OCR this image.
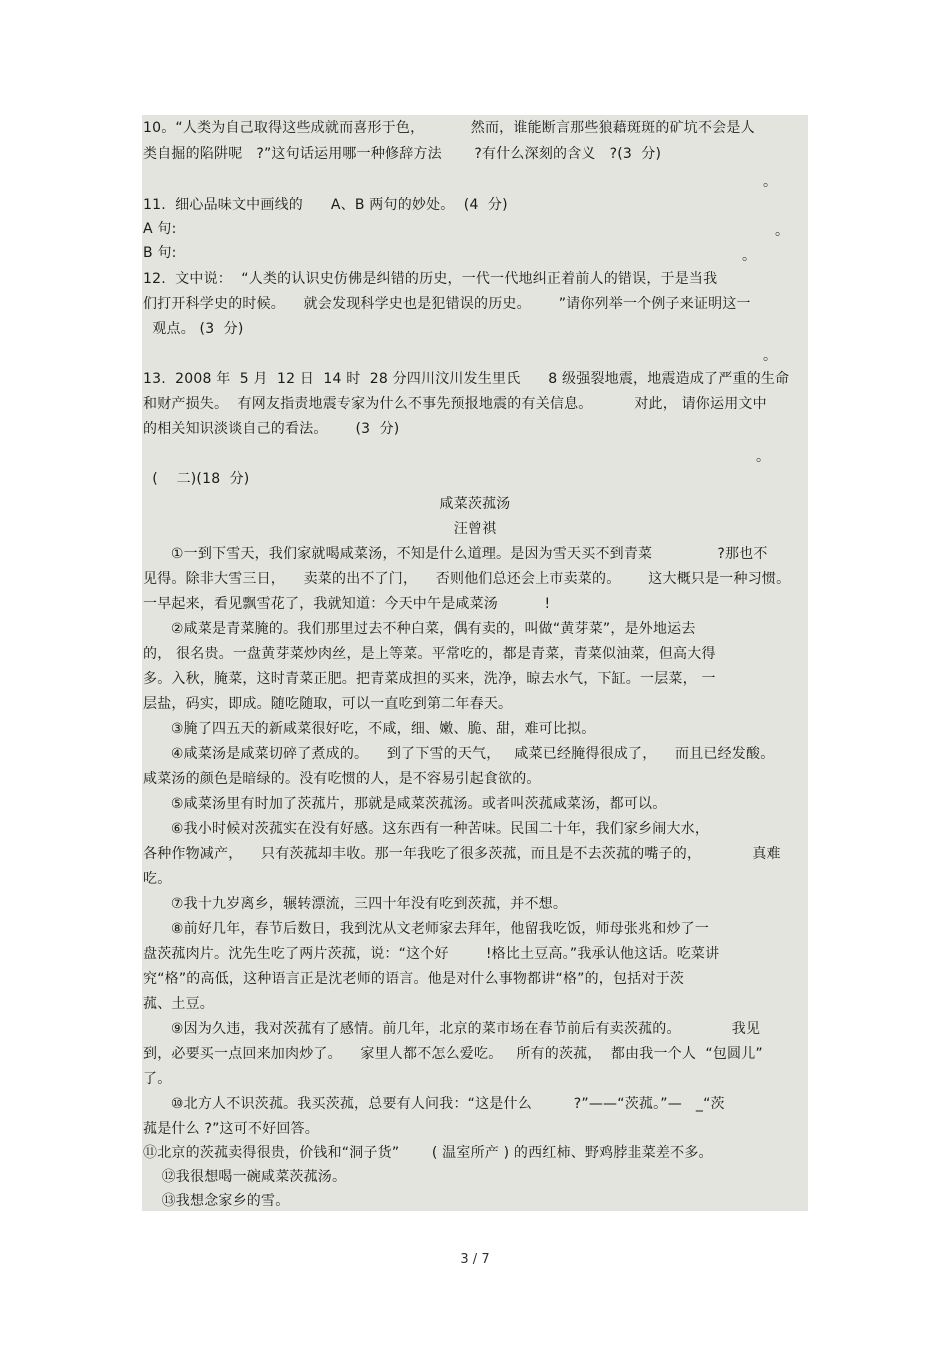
10。“人类为自己取得这些成就而喜形于色，          然而，谁能断言那些狼藉斑斑的矿坑不会是人
类自掘的陷阱呢   ?”这句话运用哪一种修辞方法       ?有什么深刻的含义   ?(3  分)
。
11.  细心品味文中画线的      A、B 两句的妙处。  (4  分)
A 句:	。
B 句:	。
12.  文中说：  “人类的认识史仿佛是纠错的历史，一代一代地纠正着前人的错误，于是当我
们打开科学史的时候。    就会发现科学史也是犯错误的历史。      ”请你列举一个例子来证明这一
观点。 (3  分)
。
13.  2008 年  5 月  12 日  14 时  28 分四川汶川发生里氏      8 级强裂地震，地震造成了严重的生命
和财产损失。  有网友指责地震专家为什么不事先预报地震的有关信息。         对此， 请你运用文中
的相关知识淡谈自己的看法。      (3  分)
。
(    二)(18  分)
咸菜茨菰汤
汪曾祺
①一到下雪天，我们家就喝咸菜汤，不知是什么道理。是因为雪天买不到青菜              ?那也不
见得。除非大雪三日，    卖菜的出不了门，    否则他们总还会上市卖菜的。      这大概只是一种习惯。
一早起来，看见飘雪花了，我就知道：今天中午是咸菜汤          !
②咸菜是青菜腌的。我们那里过去不种白菜，偶有卖的，叫做“黄芽菜”，是外地运去
的， 很名贵。一盘黄芽菜炒肉丝，是上等菜。平常吃的，都是青菜，青菜似油菜，但高大得
多。入秋，腌菜，这时青菜正肥。把青菜成担的买来，洗净，晾去水气，下缸。一层菜， 一
层盐，码实，即成。随吃随取，可以一直吃到第二年春天。
③腌了四五天的新咸菜很好吃，不咸，细、嫩、脆、甜，难可比拟。
④咸菜汤是咸菜切碎了煮成的。    到了下雪的天气，   咸菜已经腌得很成了，    而且已经发酸。
咸菜汤的颜色是暗绿的。没有吃惯的人，是不容易引起食欲的。
⑤咸菜汤里有时加了茨菰片，那就是咸菜茨菰汤。或者叫茨菰咸菜汤，都可以。
⑥我小时候对茨菰实在没有好感。这东西有一种苦味。民国二十年，我们家乡闹大水，
各种作物减产，    只有茨菰却丰收。那一年我吃了很多茨菰，而且是不去茨菰的嘴子的，           真难
吃。
⑦我十九岁离乡，辗转漂流，三四十年没有吃到茨菰，并不想。
⑧前好几年，春节后数日，我到沈从文老师家去拜年，他留我吃饭，师母张兆和炒了一
盘茨菰肉片。沈先生吃了两片茨菰，说：“这个好        !格比土豆高。”我承认他这话。吃菜讲
究“格”的高低，这种语言正是沈老师的语言。他是对什么事物都讲“格”的，包括对于茨
菰、土豆。
⑨因为久违，我对茨菰有了感情。前几年，北京的菜市场在春节前后有卖茨菰的。           我见
到，必要买一点回来加肉炒了。    家里人都不怎么爱吃。   所有的茨菰，  都由我一个人  “包圆儿”
了。
⑩北方人不识茨菰。我买茨菰，总要有人问我：“这是什么         ?”——“茨菰。”—   _“茨
菰是什么 ?”这可不好回答。
⑪北京的茨菰卖得很贵，价钱和“洞子货”       ( 温室所产 ) 的西红柿、野鸡脖韭菜差不多。
⑫我很想喝一碗咸菜茨菰汤。
⑬我想念家乡的雪。
3 / 7
